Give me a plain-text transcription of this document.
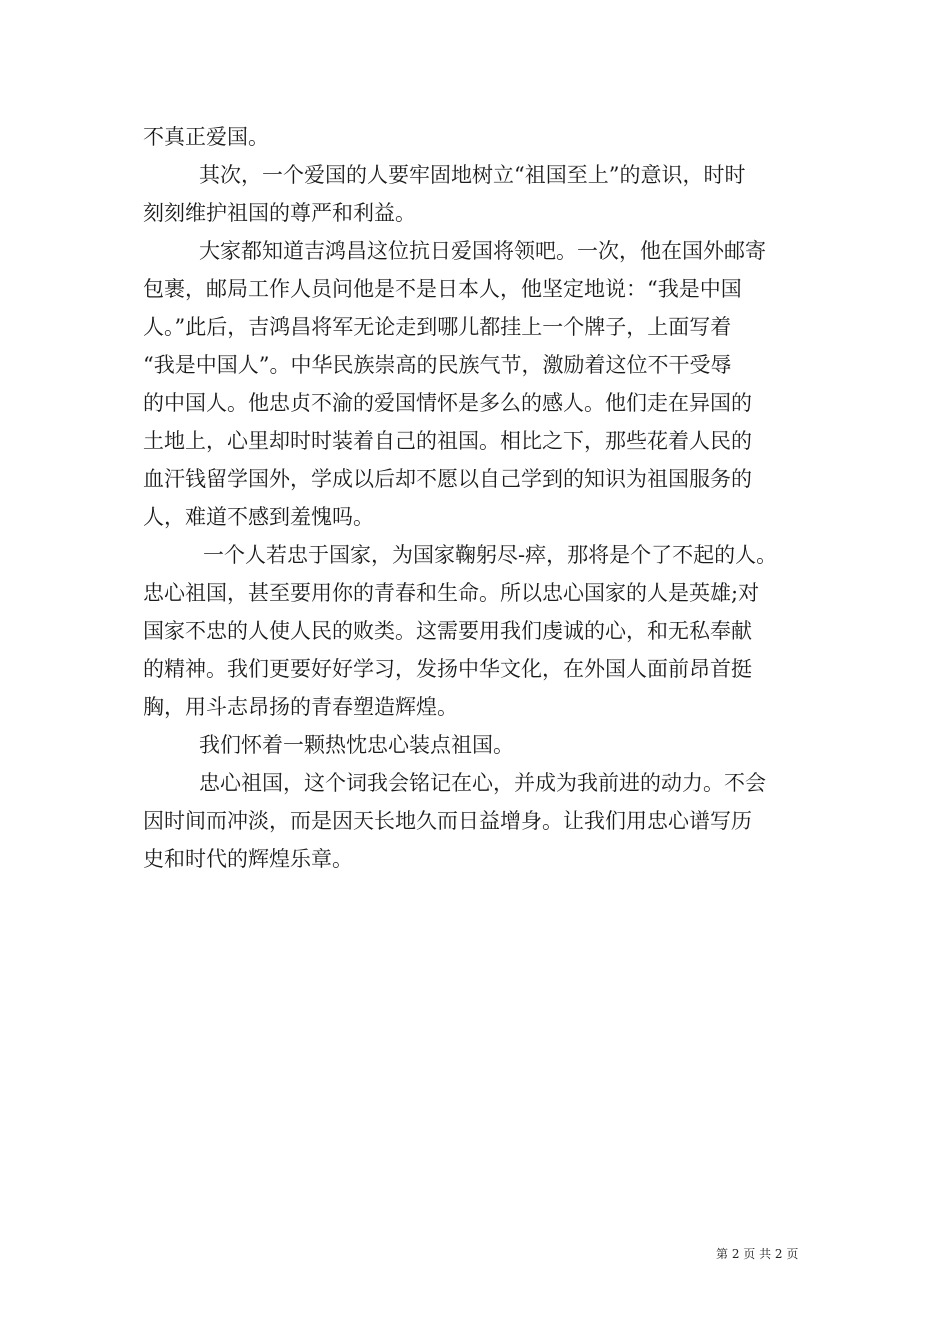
不真正爱国。
其次，一个爱国的人要牢固地树立“祖国至上”的意识，时时
刻刻维护祖国的尊严和利益。
大家都知道吉鸿昌这位抗日爱国将领吧。一次，他在国外邮寄
包裹，邮局工作人员问他是不是日本人，他坚定地说：“我是中国
人。”此后，吉鸿昌将军无论走到哪儿都挂上一个牌子，上面写着
“我是中国人”。中华民族崇高的民族气节，激励着这位不干受辱
的中国人。他忠贞不渝的爱国情怀是多么的感人。他们走在异国的
土地上，心里却时时装着自己的祖国。相比之下，那些花着人民的
血汗钱留学国外，学成以后却不愿以自己学到的知识为祖国服务的
人，难道不感到羞愧吗。
一个人若忠于国家，为国家鞠躬尽-瘁，那将是个了不起的人。
忠心祖国，甚至要用你的青春和生命。所以忠心国家的人是英雄;对
国家不忠的人使人民的败类。这需要用我们虔诚的心，和无私奉献
的精神。我们更要好好学习，发扬中华文化，在外国人面前昂首挺
胸，用斗志昂扬的青春塑造辉煌。
我们怀着一颗热忱忠心装点祖国。
忠心祖国，这个词我会铭记在心，并成为我前进的动力。不会
因时间而冲淡，而是因天长地久而日益增身。让我们用忠心谱写历
史和时代的辉煌乐章。
第 2 页 共 2 页
